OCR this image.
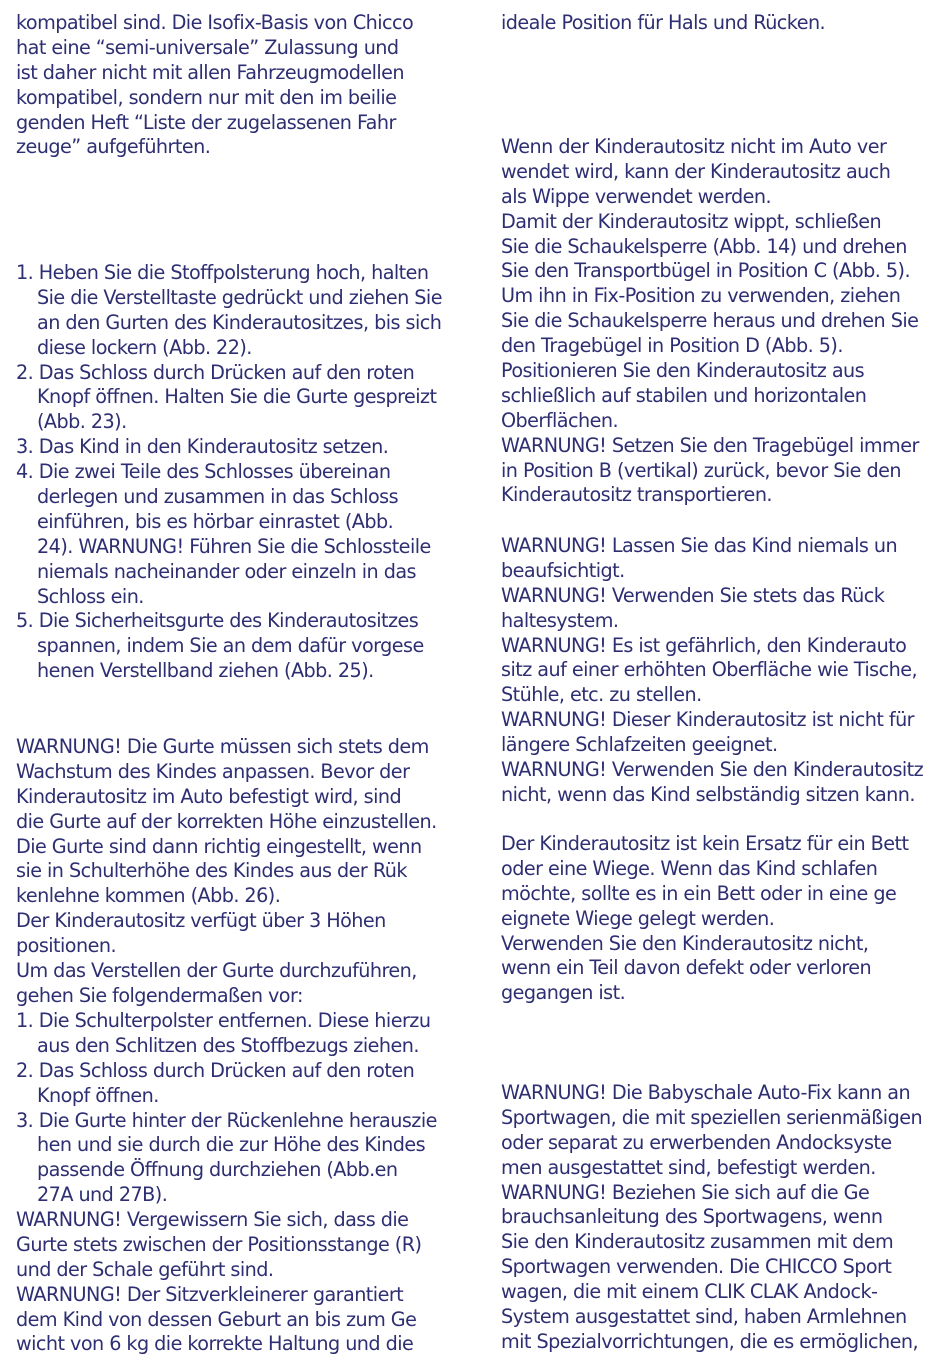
kompatibel sind. Die Isofix-Basis von Chicco
hat eine “semi-universale” Zulassung und
ist daher nicht mit allen Fahrzeugmodellen
kompatibel, sondern nur mit den im beilie
genden Heft “Liste der zugelassenen Fahr
zeuge” aufgeführten.
1. Heben Sie die Stoffpolsterung hoch, halten
Sie die Verstelltaste gedrückt und ziehen Sie
an den Gurten des Kinderautositzes, bis sich
diese lockern (Abb. 22).
2. Das Schloss durch Drücken auf den roten
Knopf öffnen. Halten Sie die Gurte gespreizt
(Abb. 23).
3. Das Kind in den Kinderautositz setzen.
4. Die zwei Teile des Schlosses übereinan
derlegen und zusammen in das Schloss
einführen, bis es hörbar einrastet (Abb.
24). WARNUNG! Führen Sie die Schlossteile
niemals nacheinander oder einzeln in das
Schloss ein.
5. Die Sicherheitsgurte des Kinderautositzes
spannen, indem Sie an dem dafür vorgese
henen Verstellband ziehen (Abb. 25).
WARNUNG! Die Gurte müssen sich stets dem
Wachstum des Kindes anpassen. Bevor der
Kinderautositz im Auto befestigt wird, sind
die Gurte auf der korrekten Höhe einzustellen.
Die Gurte sind dann richtig eingestellt, wenn
sie in Schulterhöhe des Kindes aus der Rük
kenlehne kommen (Abb. 26).
Der Kinderautositz verfügt über 3 Höhen
positionen.
Um das Verstellen der Gurte durchzuführen,
gehen Sie folgendermaßen vor:
1. Die Schulterpolster entfernen. Diese hierzu
aus den Schlitzen des Stoffbezugs ziehen.
2. Das Schloss durch Drücken auf den roten
Knopf öffnen.
3. Die Gurte hinter der Rückenlehne herauszie
hen und sie durch die zur Höhe des Kindes
passende Öffnung durchziehen (Abb.en
27A und 27B).
WARNUNG! Vergewissern Sie sich, dass die
Gurte stets zwischen der Positionsstange (R)
und der Schale geführt sind.
WARNUNG! Der Sitzverkleinerer garantiert
dem Kind von dessen Geburt an bis zum Ge
wicht von 6 kg die korrekte Haltung und die
ideale Position für Hals und Rücken.
Wenn der Kinderautositz nicht im Auto ver
wendet wird, kann der Kinderautositz auch
als Wippe verwendet werden.
Damit der Kinderautositz wippt, schließen
Sie die Schaukelsperre (Abb. 14) und drehen
Sie den Transportbügel in Position C (Abb. 5).
Um ihn in Fix-Position zu verwenden, ziehen
Sie die Schaukelsperre heraus und drehen Sie
den Tragebügel in Position D (Abb. 5).
Positionieren Sie den Kinderautositz aus
schließlich auf stabilen und horizontalen
Oberflächen.
WARNUNG! Setzen Sie den Tragebügel immer
in Position B (vertikal) zurück, bevor Sie den
Kinderautositz transportieren.
WARNUNG! Lassen Sie das Kind niemals un
beaufsichtigt.
WARNUNG! Verwenden Sie stets das Rück
haltesystem.
WARNUNG! Es ist gefährlich, den Kinderauto
sitz auf einer erhöhten Oberfläche wie Tische,
Stühle, etc. zu stellen.
WARNUNG! Dieser Kinderautositz ist nicht für
längere Schlafzeiten geeignet.
WARNUNG! Verwenden Sie den Kinderautositz
nicht, wenn das Kind selbständig sitzen kann.
Der Kinderautositz ist kein Ersatz für ein Bett
oder eine Wiege. Wenn das Kind schlafen
möchte, sollte es in ein Bett oder in eine ge
eignete Wiege gelegt werden.
Verwenden Sie den Kinderautositz nicht,
wenn ein Teil davon defekt oder verloren
gegangen ist.
WARNUNG! Die Babyschale Auto-Fix kann an
Sportwagen, die mit speziellen serienmäßigen
oder separat zu erwerbenden Andocksyste
men ausgestattet sind, befestigt werden.
WARNUNG! Beziehen Sie sich auf die Ge
brauchsanleitung des Sportwagens, wenn
Sie den Kinderautositz zusammen mit dem
Sportwagen verwenden. Die CHICCO Sport
wagen, die mit einem CLIK CLAK Andock-
System ausgestattet sind, haben Armlehnen
mit Spezialvorrichtungen, die es ermöglichen,
